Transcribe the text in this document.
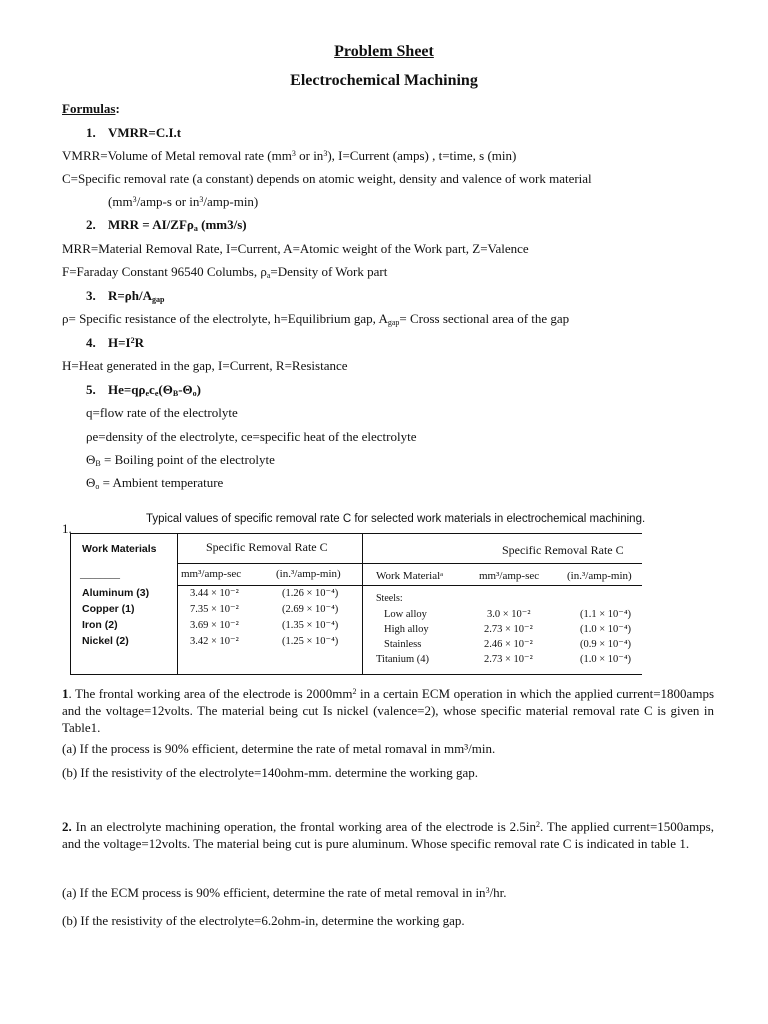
Problem Sheet
Electrochemical Machining
Formulas:
1. VMRR=C.I.t
VMRR=Volume of Metal removal rate ($mm^3$ or $in^3$), I=Current (amps) , t=time, s (min)
C=Specific removal rate (a constant) depends on atomic weight, density and valence of work material
($mm^3/amp-s$ or $in^3/amp-\min$)
2. MRR = AI/ZFρ$_a$ (mm3/s)
MRR=Material Removal Rate, I=Current, A=Atomic weight of the Work part, Z=Valence
F=Faraday Constant 96540 Columbs, $\rho_a=Density$ of Work part
3. $R=\rho h/A_{gap}$
ρ= Specific resistance of the electrolyte, h=Equilibrium gap, $A_{gap}=$ Cross sectional area of the gap
4. $H=I^2R$
H=Heat generated in the gap, I=Current, R=Resistance
5. $He=q\rho_ec_e(\Theta_B-\Theta_o)$
q=flow rate of the electrolyte
ρe=density of the electrolyte, ce=specific heat of the electrolyte
$\Theta_B$ = Boiling point of the electrolyte
$\Theta_o$ = Ambient temperature
1.
Typical values of specific removal rate C for selected work materials in electrochemical machining.
Work Materials
________
Specific Removal Rate C
mm³/amp-sec	(in.³/amp-min)
Aluminum (3)	3.44 × 10⁻²	(1.26 × 10⁻⁴)
Copper (1)	7.35 × 10⁻²	(2.69 × 10⁻⁴)
Iron (2)	3.69 × 10⁻²	(1.35 × 10⁻⁴)
Nickel (2)	3.42 × 10⁻²	(1.25 × 10⁻⁴)
Specific Removal Rate C
Work Materialᵃ	mm³/amp-sec	(in.³/amp-min)
Steels:
Low alloy	3.0 × 10⁻²	(1.1 × 10⁻⁴)
High alloy	2.73 × 10⁻²	(1.0 × 10⁻⁴)
Stainless	2.46 × 10⁻²	(0.9 × 10⁻⁴)
Titanium (4)	2.73 × 10⁻²	(1.0 × 10⁻⁴)
1. The frontal working area of the electrode is $2000mm^2$ in a certain ECM operation in which the applied current=1800amps and the voltage=12volts. The material being cut Is nickel (valence=2), whose specific material removal rate C is given in Table1.
(a) If the process is 90% efficient, determine the rate of metal romaval in mm³/min.
(b) If the resistivity of the electrolyte=140ohm-mm. determine the working gap.
2. In an electrolyte machining operation, the frontal working area of the electrode is $2.5in^2$. The applied current=1500amps, and the voltage=12volts. The material being cut is pure aluminum. Whose specific removal rate C is indicated in table 1.
(a) If the ECM process is 90% efficient, determine the rate of metal removal in $in^3/hr$.
(b) If the resistivity of the electrolyte=6.2ohm-in, determine the working gap.
